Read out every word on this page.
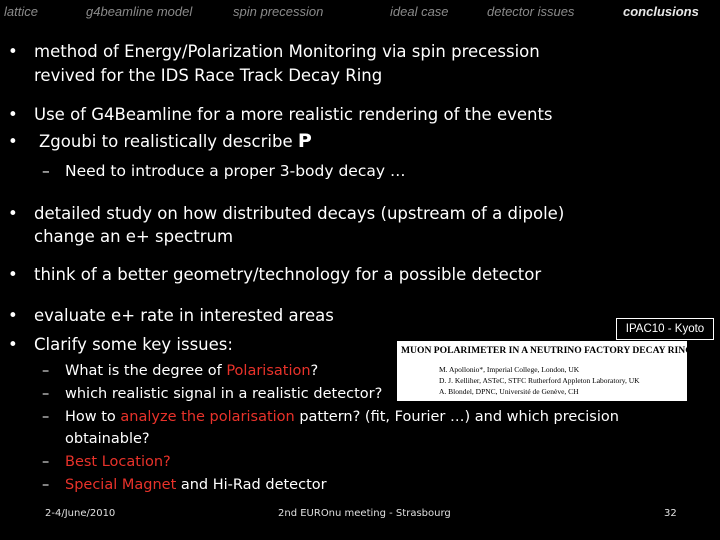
lattice	g4beamline model	spin precession	ideal case	detector issues	conclusions
• method of Energy/Polarization Monitoring via spin precession
revived for the IDS Race Track Decay Ring
• Use of G4Beamline for a more realistic rendering of the events
• Zgoubi to realistically describe P
– Need to introduce a proper 3-body decay …
• detailed study on how distributed decays (upstream of a dipole)
change an e+ spectrum
• think of a better geometry/technology for a possible detector
• evaluate e+ rate in interested areas
• Clarify some key issues:
– What is the degree of Polarisation?
– which realistic signal in a realistic detector?
– How to analyze the polarisation pattern? (fit, Fourier …) and which precision
obtainable?
– Best Location?
– Special Magnet and Hi-Rad detector
IPAC10 - Kyoto
MUON POLARIMETER IN A NEUTRINO FACTORY DECAY RING
M. Apollonio*, Imperial College, London, UK
D. J. Kelliher, ASTeC, STFC Rutherford Appleton Laboratory, UK
A. Blondel, DPNC, Université de Genève, CH
2-4/June/2010	2nd EUROnu meeting - Strasbourg	32
